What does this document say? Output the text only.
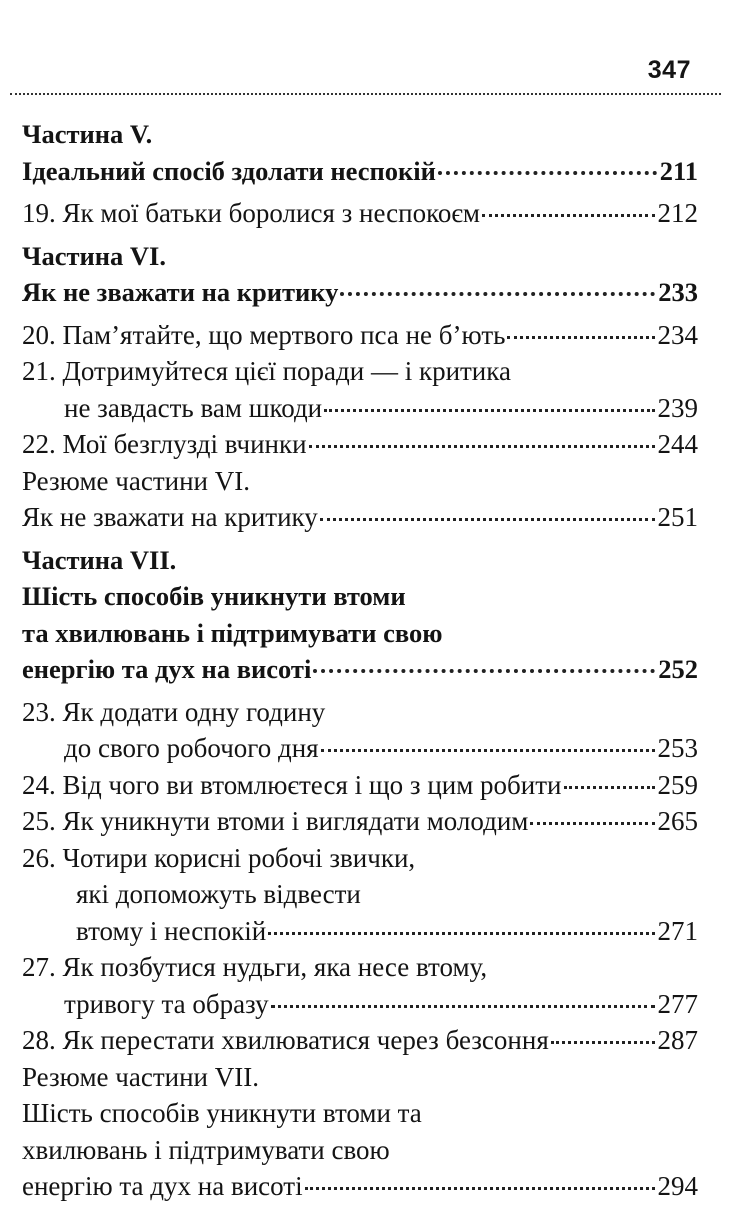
347
Частина V.
Ідеальний спосіб здолати неспокій	211
19. Як мої батьки боролися з неспокоєм	212
Частина VI.
Як не зважати на критику	233
20. Пам’ятайте, що мертвого пса не б’ють	234
21. Дотримуйтеся цієї поради — і критика
не завдасть вам шкоди	239
22. Мої безглузді вчинки	244
Резюме частини VI.
Як не зважати на критику	251
Частина VII.
Шість способів уникнути втоми
та хвилювань і підтримувати свою
енергію та дух на висоті	252
23. Як додати одну годину
до свого робочого дня	253
24. Від чого ви втомлюєтеся і що з цим робити	259
25. Як уникнути втоми і виглядати молодим	265
26. Чотири корисні робочі звички,
які допоможуть відвести
втому і неспокій	271
27. Як позбутися нудьги, яка несе втому,
тривогу та образу	277
28. Як перестати хвилюватися через безсоння	287
Резюме частини VII.
Шість способів уникнути втоми та
хвилювань і підтримувати свою
енергію та дух на висоті	294
